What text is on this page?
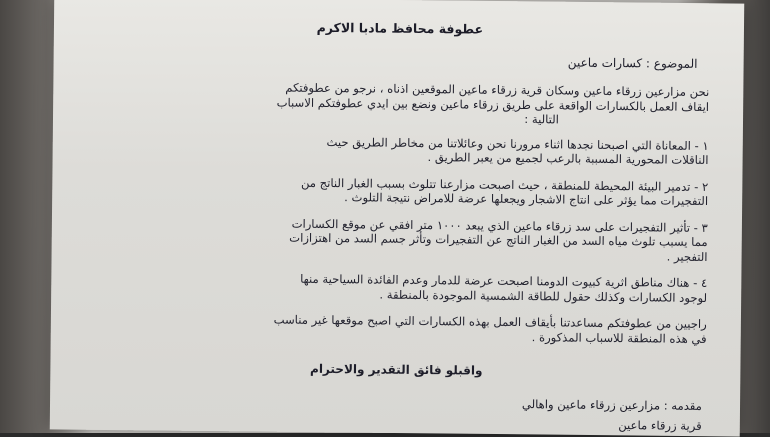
عطوفة محافظ مادبا الاكرم
الموضوع : كسارات ماعين
نحن مزارعين زرقاء ماعين وسكان قرية زرقاء ماعين الموقعين اذناه ، نرجو من عطوفتكم
ايقاف العمل بالكسارات الواقعة على طريق زرقاء ماعين ونضع بين ايدي عطوفتكم الاسباب
التالية :
١ - المعاناة التي اصبحنا نجدها اثناء مرورنا نحن وعائلاتنا من مخاطر الطريق حيث
الناقلات المحورية المسببة بالرعب لجميع من يعبر الطريق .
٢ - تدمير البيئة المحيطة للمنطقة ، حيث اصبحت مزارعنا تتلوث بسبب الغبار الناتج من
التفجيرات مما يؤثر على انتاج الاشجار ويجعلها عرضة للامراض نتيجة التلوث .
٣ - تأثير التفجيرات على سد زرقاء ماعين الذي يبعد ١٠٠٠ متر افقي عن موقع الكسارات
مما يسبب تلوث مياه السد من الغبار الناتج عن التفجيرات وتأثر جسم السد من اهتزازات
التفجير .
٤ - هناك مناطق اثرية كبيوت الدومنا اصبحت عرضة للدمار وعدم الفائدة السياحية منها
لوجود الكسارات وكذلك حقول للطاقة الشمسية الموجودة بالمنطقة .
راجيين من عطوفتكم مساعدتنا بأيقاف العمل بهذه الكسارات التي اصبح موقعها غير مناسب
في هذه المنطقة للاسباب المذكورة .
واقبلو فائق التقدير والاحترام
مقدمه : مزارعين زرقاء ماعين واهالي
قرية زرقاء ماعين
